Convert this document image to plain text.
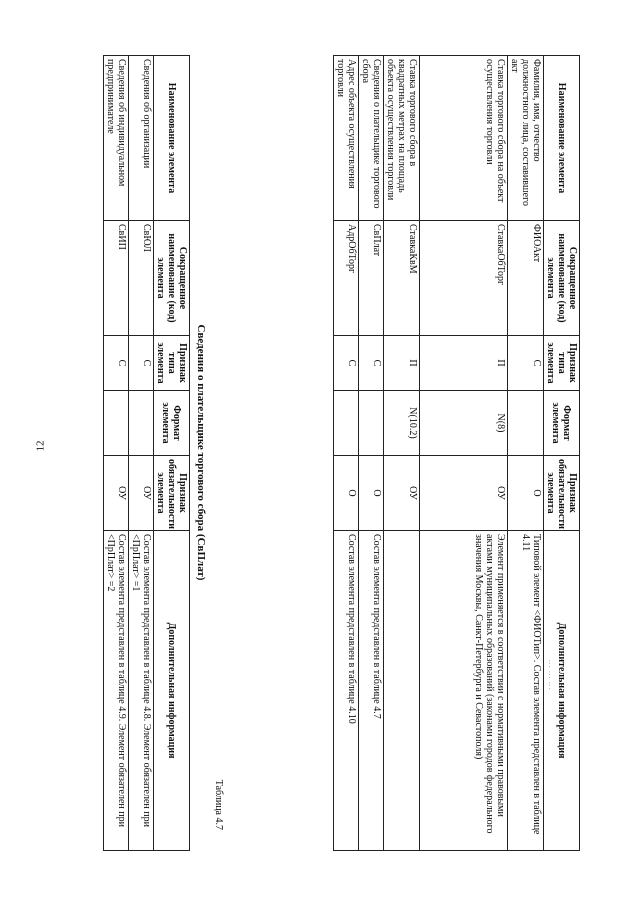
12
Наименование элемента	Сокращенное наименование (код) элемента	Признак типа элемента	Формат элемента	Признак обязательности элемента	Дополнительная информация
Фамилия, имя, отчество должностного лица, составившего акт	ФИОАкт	С		О	Типовой элемент <ФИОТип>. Состав элемента представлен в таблице 4.11
Ставка торгового сбора на объект осуществления торговли	СтавкаОбТорг	П	N(8)	ОУ	Элемент применяется в соответствии с нормативными правовыми актами муниципальных образований (законами городов федерального значения Москвы, Санкт-Петербурга и Севастополя)
Ставка торгового сбора в квадратных метрах на площадь объекта осуществления торговли	СтавкаКвМ	П	N(10.2)	ОУ	
Сведения о плательщике торгового сбора	СвПлат	С		О	Состав элемента представлен в таблице 4.7
Адрес объекта осуществления торговли	АдрОбТорг	С		О	Состав элемента представлен в таблице 4.10
Таблица 4.7
Сведения о плательщике торгового сбора (СвПлат)
Наименование элемента	Сокращенное наименование (код) элемента	Признак типа элемента	Формат элемента	Признак обязательности элемента	Дополнительная информация
Сведения об организации	СвЮЛ	С		ОУ	Состав элемента представлен в таблице 4.8. Элемент обязателен при <ПрПлат> =1
Сведения об индивидуальном предпринимателе	СвИП	С		ОУ	Состав элемента представлен в таблице 4.9. Элемент обязателен при <ПрПлат> =2
... ... ...
